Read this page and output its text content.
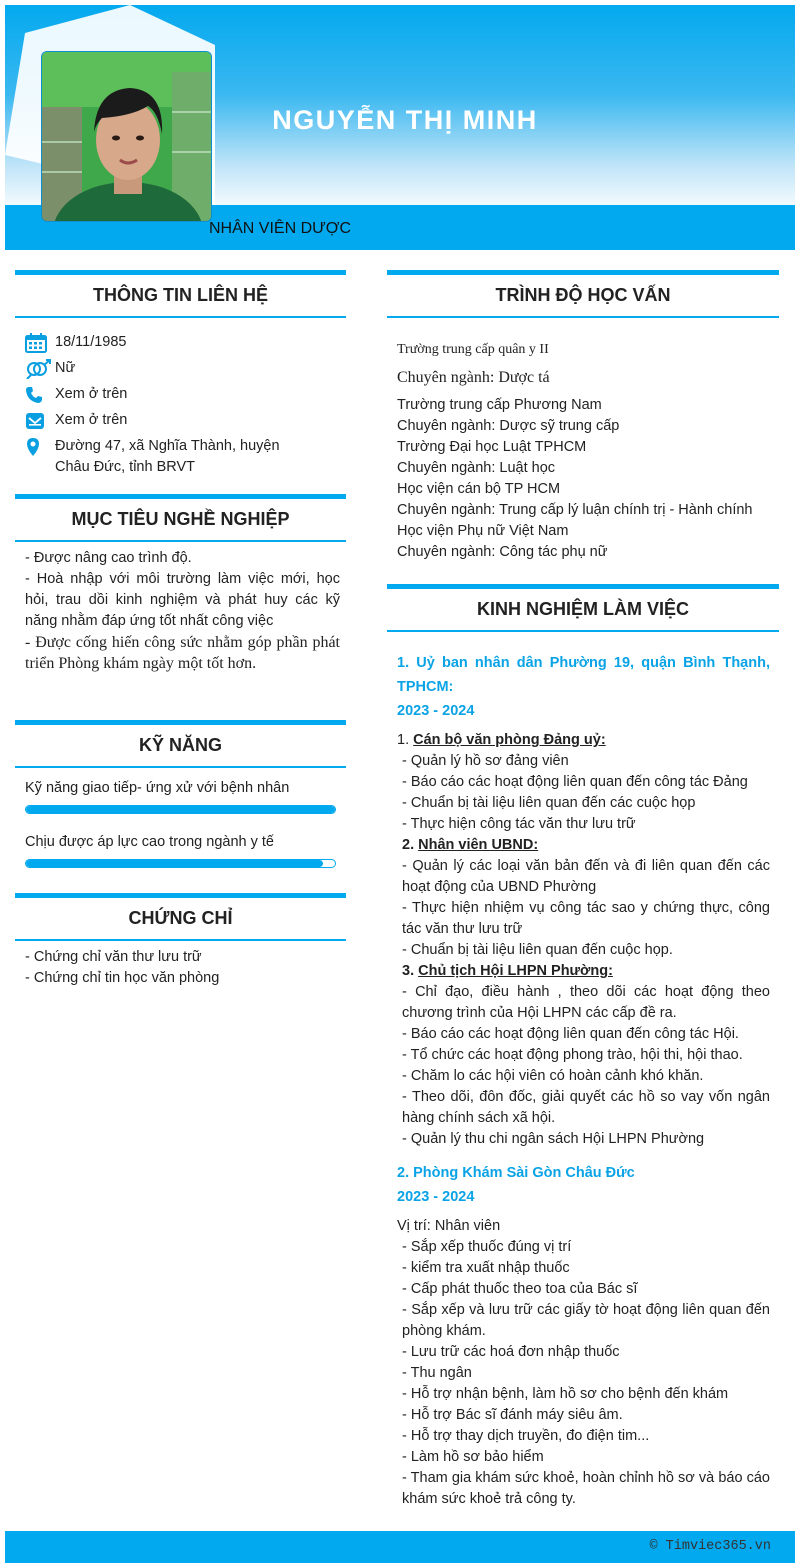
NGUYỄN THỊ MINH
NHÂN VIÊN DƯỢC
THÔNG TIN LIÊN HỆ
18/11/1985
Nữ
Xem ở trên
Xem ở trên
Đường 47, xã Nghĩa Thành, huyện Châu Đức, tỉnh BRVT
MỤC TIÊU NGHỀ NGHIỆP
- Được nâng cao trình độ.
- Hoà nhập với môi trường làm việc mới, học hỏi, trau dồi kinh nghiệm và phát huy các kỹ năng nhằm đáp ứng tốt nhất công việc
- Được cống hiến công sức nhằm góp phần phát triển Phòng khám ngày một tốt hơn.
KỸ NĂNG
Kỹ năng giao tiếp- ứng xử với bệnh nhân
Chịu được áp lực cao trong ngành y tế
CHỨNG CHỈ
- Chứng chỉ văn thư lưu trữ
- Chứng chỉ tin học văn phòng
TRÌNH ĐỘ HỌC VẤN
Trường trung cấp quân y II
Chuyên ngành: Dược tá
Trường trung cấp Phương Nam
Chuyên ngành: Dược sỹ trung cấp
Trường Đại học Luật TPHCM
Chuyên ngành: Luật học
Học viện cán bộ TP HCM
Chuyên ngành: Trung cấp lý luận chính trị - Hành chính
Học viện Phụ nữ Việt Nam
Chuyên ngành: Công tác phụ nữ
KINH NGHIỆM LÀM VIỆC
1. Uỷ ban nhân dân Phường 19, quận Bình Thạnh, TPHCM:
2023 - 2024
1. Cán bộ văn phòng Đảng uỷ:
- Quản lý hồ sơ đảng viên
- Báo cáo các hoạt động liên quan đến công tác Đảng
- Chuẩn bị tài liệu liên quan đến các cuộc họp
- Thực hiện công tác văn thư lưu trữ
2. Nhân viên UBND:
- Quản lý các loại văn bản đến và đi liên quan đến các hoạt động của UBND Phường
- Thực hiện nhiệm vụ công tác sao y chứng thực, công tác văn thư lưu trữ
- Chuẩn bị tài liệu liên quan đến cuộc họp.
3. Chủ tịch Hội LHPN Phường:
- Chỉ đạo, điều hành , theo dõi các hoạt động theo chương trình của Hội LHPN các cấp đề ra.
- Báo cáo các hoạt động liên quan đến công tác Hội.
- Tổ chức các hoạt động phong trào, hội thi, hội thao.
- Chăm lo các hội viên có hoàn cảnh khó khăn.
- Theo dõi, đôn đốc, giải quyết các hồ so vay vốn ngân hàng chính sách xã hội.
- Quản lý thu chi ngân sách Hội LHPN Phường
2. Phòng Khám Sài Gòn Châu Đức
2023 - 2024
Vị trí: Nhân viên
- Sắp xếp thuốc đúng vị trí
- kiểm tra xuất nhập thuốc
- Cấp phát thuốc theo toa của Bác sĩ
- Sắp xếp và lưu trữ các giấy tờ hoạt động liên quan đến phòng khám.
- Lưu trữ các hoá đơn nhập thuốc
- Thu ngân
- Hỗ trợ nhận bệnh, làm hồ sơ cho bệnh đến khám
- Hỗ trợ Bác sĩ đánh máy siêu âm.
- Hỗ trợ thay dịch truyền, đo điện tim...
- Làm hồ sơ bảo hiểm
- Tham gia khám sức khoẻ, hoàn chỉnh hồ sơ và báo cáo khám sức khoẻ trả công ty.
© Timviec365.vn
